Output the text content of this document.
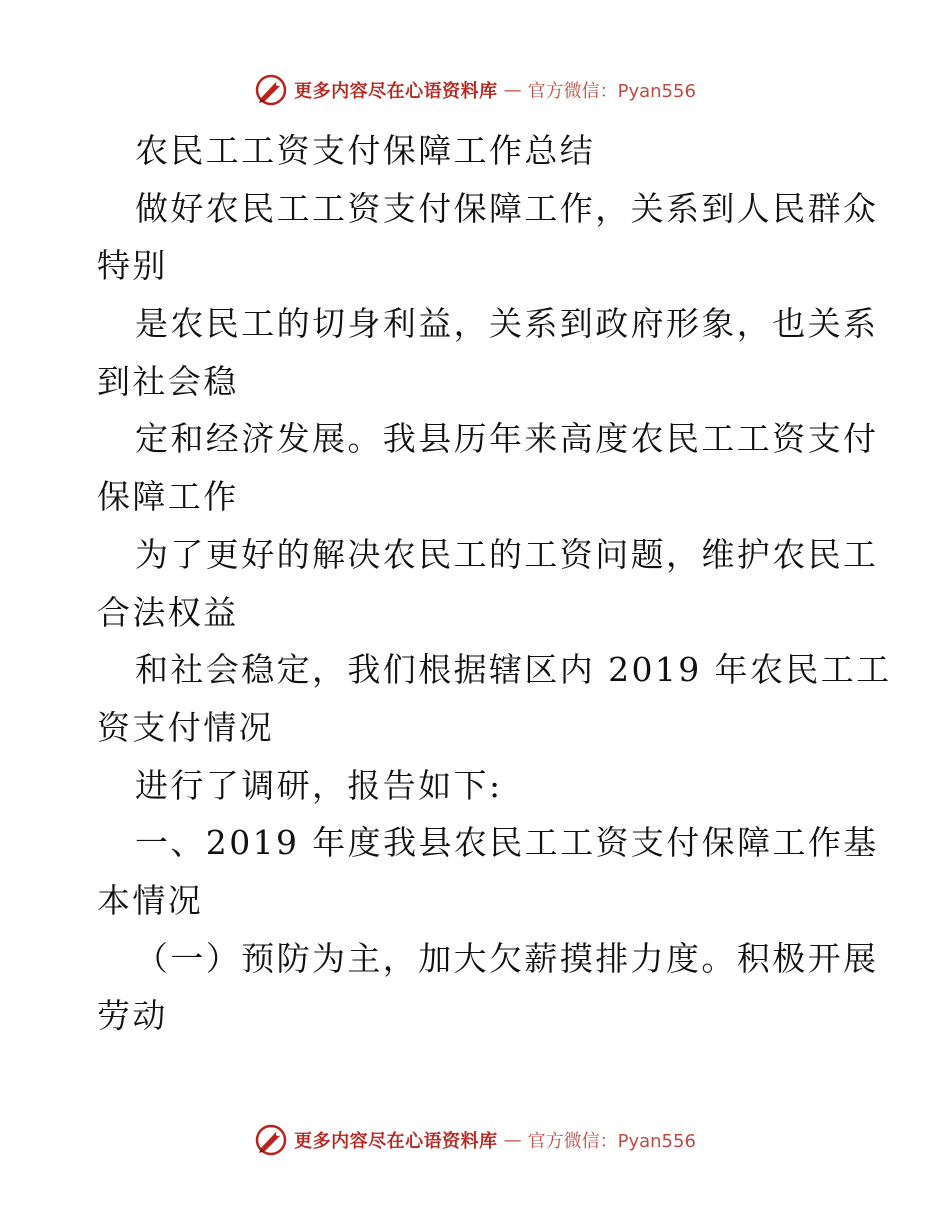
更多内容尽在心语资料库 — 官方微信：Pyan556
农民工工资支付保障工作总结
做好农民工工资支付保障工作，关系到人民群众
特别
是农民工的切身利益，关系到政府形象，也关系
到社会稳
定和经济发展。我县历年来高度农民工工资支付
保障工作
为了更好的解决农民工的工资问题，维护农民工
合法权益
和社会稳定，我们根据辖区内 2019 年农民工工
资支付情况
进行了调研，报告如下:
一、2019 年度我县农民工工资支付保障工作基
本情况
（一）预防为主，加大欠薪摸排力度。积极开展
劳动
更多内容尽在心语资料库 — 官方微信：Pyan556
